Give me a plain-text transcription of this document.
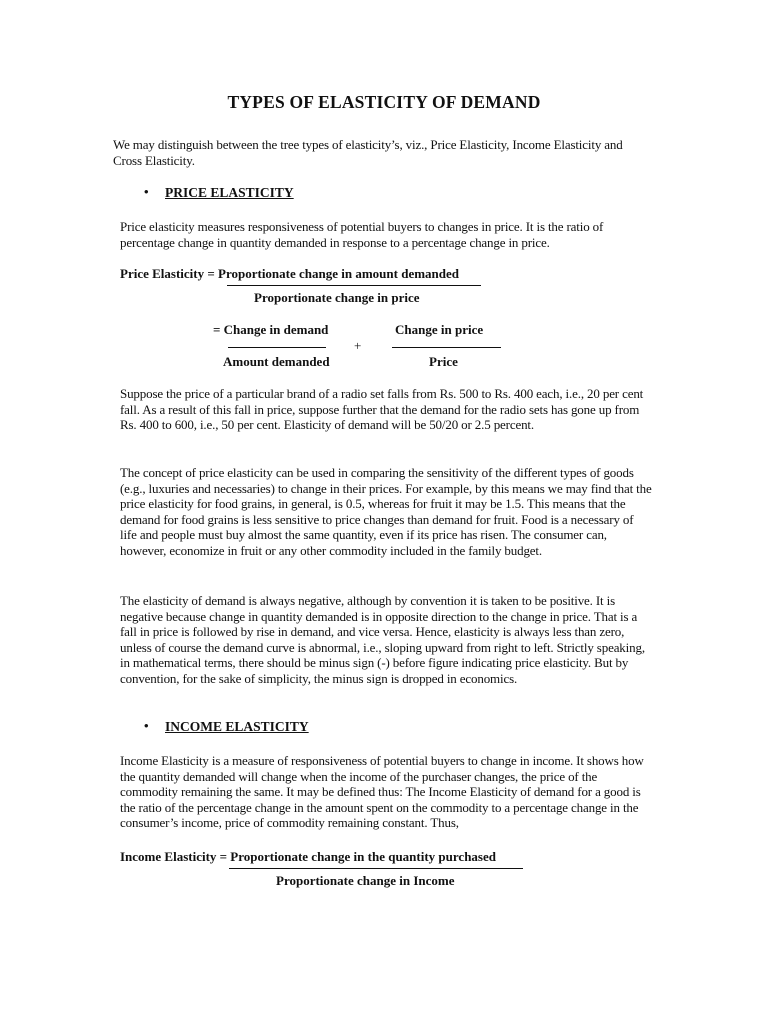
TYPES OF ELASTICITY OF DEMAND
We may distinguish between the tree types of elasticity’s, viz., Price Elasticity, Income Elasticity and Cross Elasticity.
• PRICE ELASTICITY
Price elasticity measures responsiveness of potential buyers to changes in price. It is the ratio of percentage change in quantity demanded in response to a percentage change in price.
Price Elasticity = Proportionate change in amount demanded
Proportionate change in price
= Change in demand
+
Change in price
Amount demanded	Price
Suppose the price of a particular brand of a radio set falls from Rs. 500 to Rs. 400 each, i.e., 20 per cent fall. As a result of this fall in price, suppose further that the demand for the radio sets has gone up from Rs. 400 to 600, i.e., 50 per cent. Elasticity of demand will be 50/20 or 2.5 percent.
The concept of price elasticity can be used in comparing the sensitivity of the different types of goods (e.g., luxuries and necessaries) to change in their prices. For example, by this means we may find that the price elasticity for food grains, in general, is 0.5, whereas for fruit it may be 1.5. This means that the demand for food grains is less sensitive to price changes than demand for fruit. Food is a necessary of life and people must buy almost the same quantity, even if its price has risen. The consumer can, however, economize in fruit or any other commodity included in the family budget.
The elasticity of demand is always negative, although by convention it is taken to be positive. It is negative because change in quantity demanded is in opposite direction to the change in price. That is a fall in price is followed by rise in demand, and vice versa. Hence, elasticity is always less than zero, unless of course the demand curve is abnormal, i.e., sloping upward from right to left. Strictly speaking, in mathematical terms, there should be minus sign (-) before figure indicating price elasticity. But by convention, for the sake of simplicity, the minus sign is dropped in economics.
• INCOME ELASTICITY
Income Elasticity is a measure of responsiveness of potential buyers to change in income. It shows how the quantity demanded will change when the income of the purchaser changes, the price of the commodity remaining the same. It may be defined thus: The Income Elasticity of demand for a good is the ratio of the percentage change in the amount spent on the commodity to a percentage change in the consumer’s income, price of commodity remaining constant. Thus,
Income Elasticity = Proportionate change in the quantity purchased
Proportionate change in Income
